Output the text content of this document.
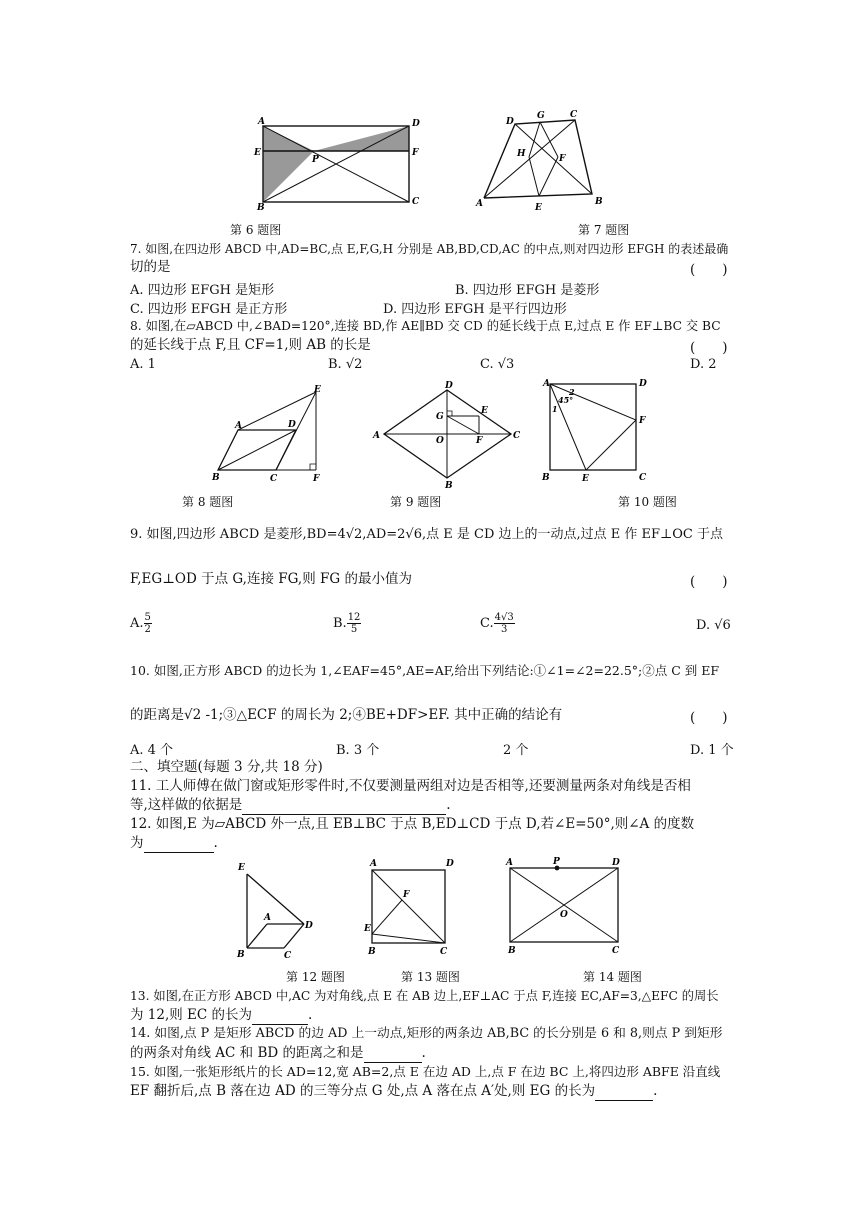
A	D
E	F
P
B
C
第 6 题图
A	B
C
D
E
F
G
H
第 7 题图
7. 如图,在四边形 ABCD 中,AD=BC,点 E,F,G,H 分别是 AB,BD,CD,AC 的中点,则对四边形 EFGH 的表述最确
切的是	(　　)
A. 四边形 EFGH 是矩形	B. 四边形 EFGH 是菱形
C. 四边形 EFGH 是正方形	D. 四边形 EFGH 是平行四边形
8. 如图,在▱ABCD 中,∠BAD=120°,连接 BD,作 AE∥BD 交 CD 的延长线于点 E,过点 E 作 EF⊥BC 交 BC
的延长线于点 F,且 CF=1,则 AB 的长是	(　　)
A. 1	B. √2	C. √3	D. 2
A
B	C
D
E
F
第 8 题图
A	C
D
B
G
E
O	F
第 9 题图
A	D
B	C
E
F
1
2
45°
第 10 题图
9. 如图,四边形 ABCD 是菱形,BD=4√2,AD=2√6,点 E 是 CD 边上的一动点,过点 E 作 EF⊥OC 于点
F,EG⊥OD 于点 G,连接 FG,则 FG 的最小值为	(　　)
A. $\frac{5}{2}$	B. $\frac{12}{5}$	C. $\frac{4√3}{3}$	D. √6
10. 如图,正方形 ABCD 的边长为 1,∠EAF=45°,AE=AF,给出下列结论:①∠1=∠2=22.5°;②点 C 到 EF
的距离是√2 -1;③△ECF 的周长为 2;④BE+DF>EF. 其中正确的结论有	(　　)
A. 4 个	B. 3 个	2 个	D. 1 个
二、填空题(每题 3 分,共 18 分)
11. 工人师傅在做门窗或矩形零件时,不仅要测量两组对边是否相等,还要测量两条对角线是否相
等,这样做的依据是	.
12. 如图,E 为▱ABCD 外一点,且 EB⊥BC 于点 B,ED⊥CD 于点 D,若∠E=50°,则∠A 的度数
为	.
E
A
D
B	C
第 12 题图
A	D
F
E
B	C
第 13 题图
A	P	D
O
B	C
第 14 题图
13. 如图,在正方形 ABCD 中,AC 为对角线,点 E 在 AB 边上,EF⊥AC 于点 F,连接 EC,AF=3,△EFC 的周长
为 12,则 EC 的长为	.
14. 如图,点 P 是矩形 ABCD 的边 AD 上一动点,矩形的两条边 AB,BC 的长分别是 6 和 8,则点 P 到矩形
的两条对角线 AC 和 BD 的距离之和是	.
15. 如图,一张矩形纸片的长 AD=12,宽 AB=2,点 E 在边 AD 上,点 F 在边 BC 上,将四边形 ABFE 沿直线
EF 翻折后,点 B 落在边 AD 的三等分点 G 处,点 A 落在点 A′处,则 EG 的长为	.
